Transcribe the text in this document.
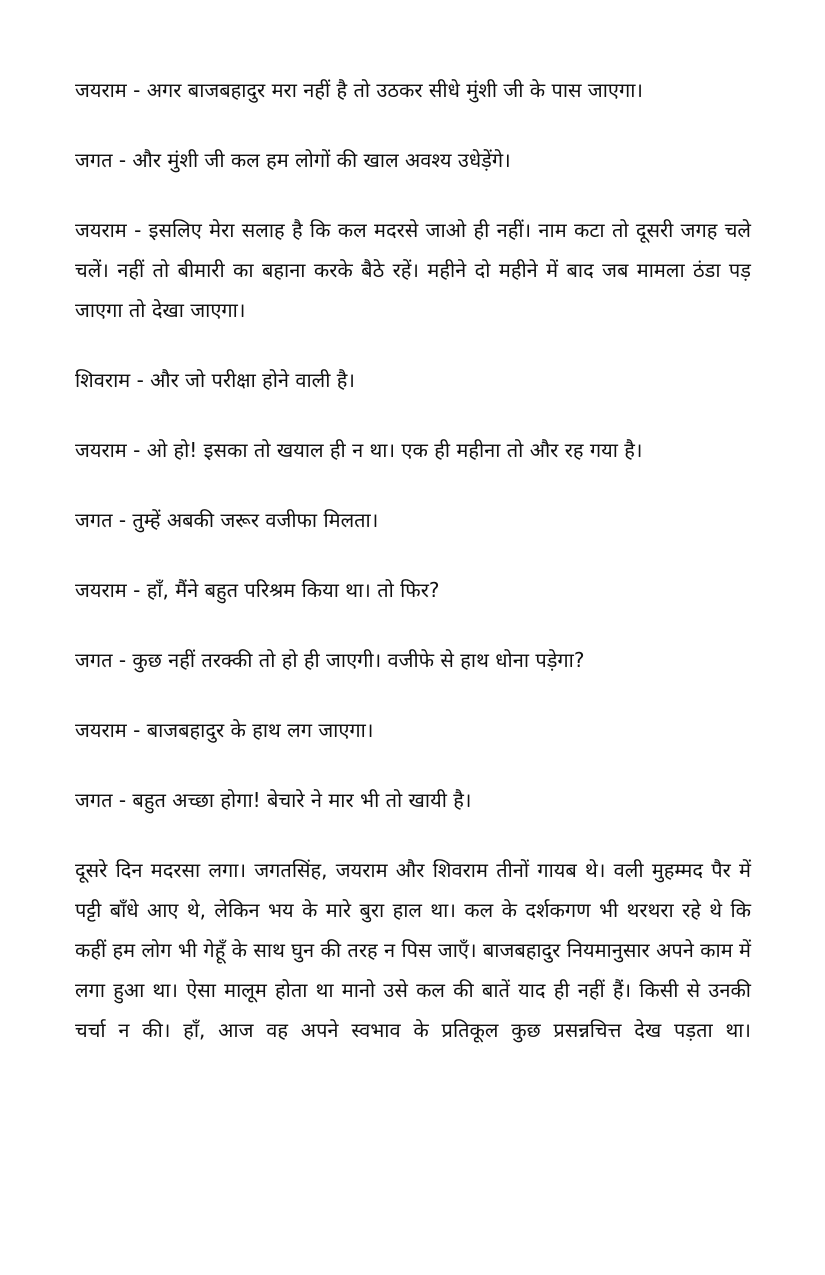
जयराम - अगर बाजबहादुर मरा नहीं है तो उठकर सीधे मुंशी जी के पास जाएगा।

जगत - और मुंशी जी कल हम लोगों की खाल अवश्य उधेड़ेंगे।

जयराम - इसलिए मेरा सलाह है कि कल मदरसे जाओ ही नहीं। नाम कटा तो दूसरी जगह चले चलें। नहीं तो बीमारी का बहाना करके बैठे रहें। महीने दो महीने में बाद जब मामला ठंडा पड़ जाएगा तो देखा जाएगा।

शिवराम - और जो परीक्षा होने वाली है।

जयराम - ओ हो! इसका तो खयाल ही न था। एक ही महीना तो और रह गया है।

जगत - तुम्हें अबकी जरूर वजीफा मिलता।

जयराम - हाँ, मैंने बहुत परिश्रम किया था। तो फिर?

जगत - कुछ नहीं तरक्की तो हो ही जाएगी। वजीफे से हाथ धोना पड़ेगा?

जयराम - बाजबहादुर के हाथ लग जाएगा।

जगत - बहुत अच्छा होगा! बेचारे ने मार भी तो खायी है।

दूसरे दिन मदरसा लगा। जगतसिंह, जयराम और शिवराम तीनों गायब थे। वली मुहम्मद पैर में पट्टी बाँधे आए थे, लेकिन भय के मारे बुरा हाल था। कल के दर्शकगण भी थरथरा रहे थे कि कहीं हम लोग भी गेहूँ के साथ घुन की तरह न पिस जाएँ। बाजबहादुर नियमानुसार अपने काम में लगा हुआ था। ऐसा मालूम होता था मानो उसे कल की बातें याद ही नहीं हैं। किसी से उनकी चर्चा न की। हाँ, आज वह अपने स्वभाव के प्रतिकूल कुछ प्रसन्नचित्त देख पड़ता था।
